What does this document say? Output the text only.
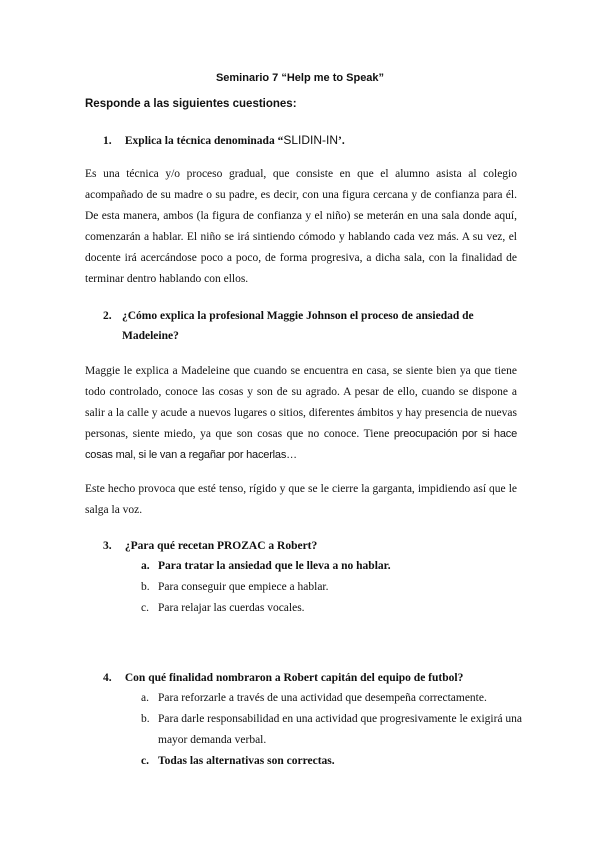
Seminario 7 “Help me to Speak”
Responde a las siguientes cuestiones:
1. Explica la técnica denominada “SLIDIN-IN’.

Es una técnica y/o proceso gradual, que consiste en que el alumno asista al colegio acompañado de su madre o su padre, es decir, con una figura cercana y de confianza para él. De esta manera, ambos (la figura de confianza y el niño) se meterán en una sala donde aquí, comenzarán a hablar. El niño se irá sintiendo cómodo y hablando cada vez más. A su vez, el docente irá acercándose poco a poco, de forma progresiva, a dicha sala, con la finalidad de terminar dentro hablando con ellos.

2. ¿Cómo explica la profesional Maggie Johnson el proceso de ansiedad de Madeleine?

Maggie le explica a Madeleine que cuando se encuentra en casa, se siente bien ya que tiene todo controlado, conoce las cosas y son de su agrado. A pesar de ello, cuando se dispone a salir a la calle y acude a nuevos lugares o sitios, diferentes ámbitos y hay presencia de nuevas personas, siente miedo, ya que son cosas que no conoce. Tiene preocupación por si hace cosas mal, si le van a regañar por hacerlas…

Este hecho provoca que esté tenso, rígido y que se le cierre la garganta, impidiendo así que le salga la voz.

3. ¿Para qué recetan PROZAC a Robert?
a. Para tratar la ansiedad que le lleva a no hablar.
b. Para conseguir que empiece a hablar.
c. Para relajar las cuerdas vocales.
4. Con qué finalidad nombraron a Robert capitán del equipo de futbol?
a. Para reforzarle a través de una actividad que desempeña correctamente.
b. Para darle responsabilidad en una actividad que progresivamente le exigirá una mayor demanda verbal.
c. Todas las alternativas son correctas.
